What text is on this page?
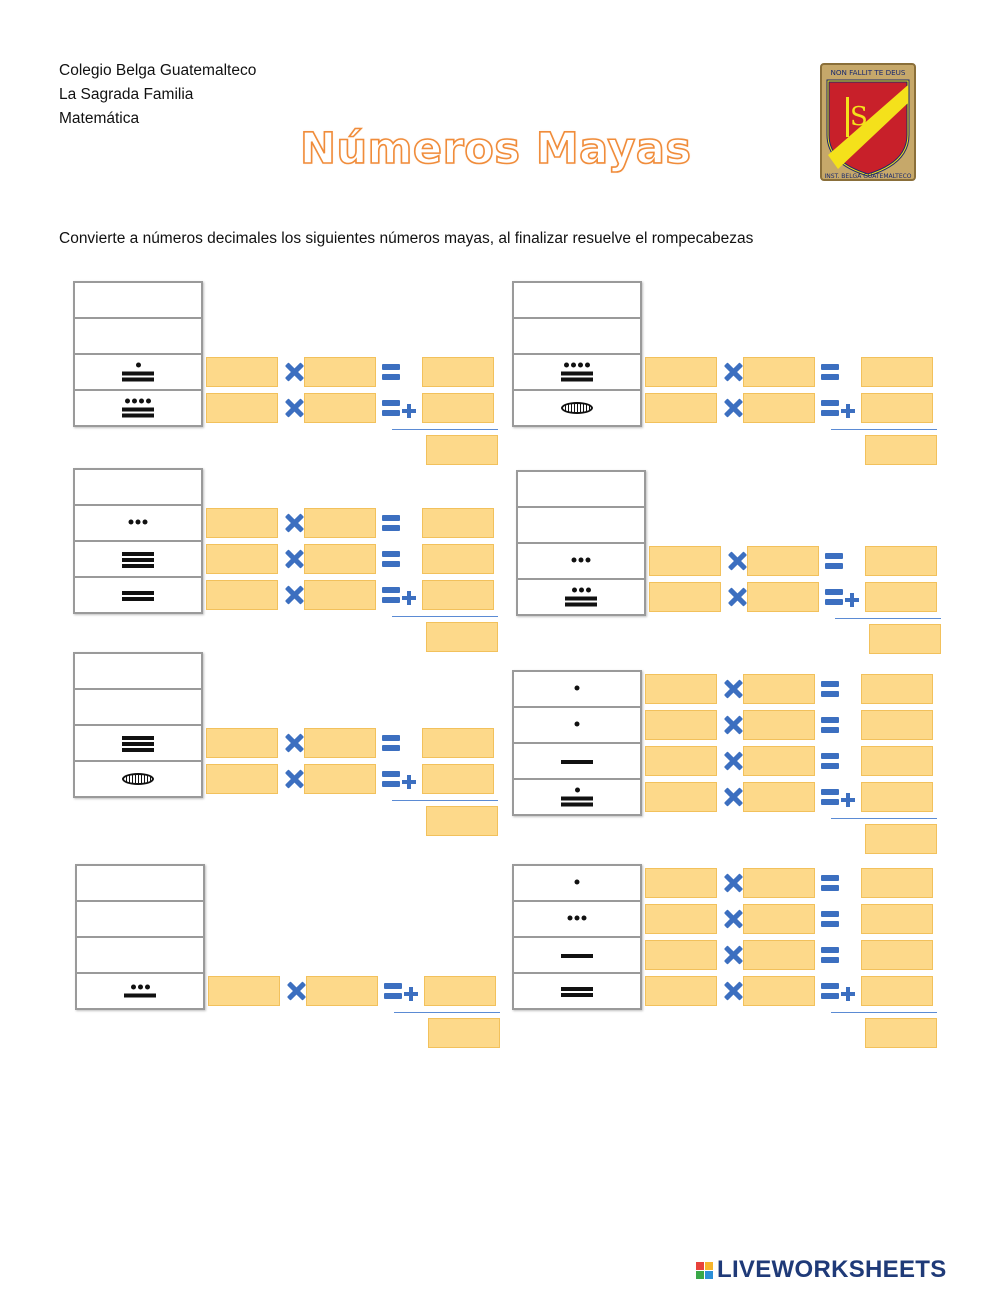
Colegio Belga Guatemalteco
La Sagrada Familia
Matemática
Números Mayas
S
NON FALLIT TE DEUS
INST. BELGA GUATEMALTECO
Convierte a números decimales los siguientes números mayas, al finalizar resuelve el rompecabezas
LIVEWORKSHEETS
